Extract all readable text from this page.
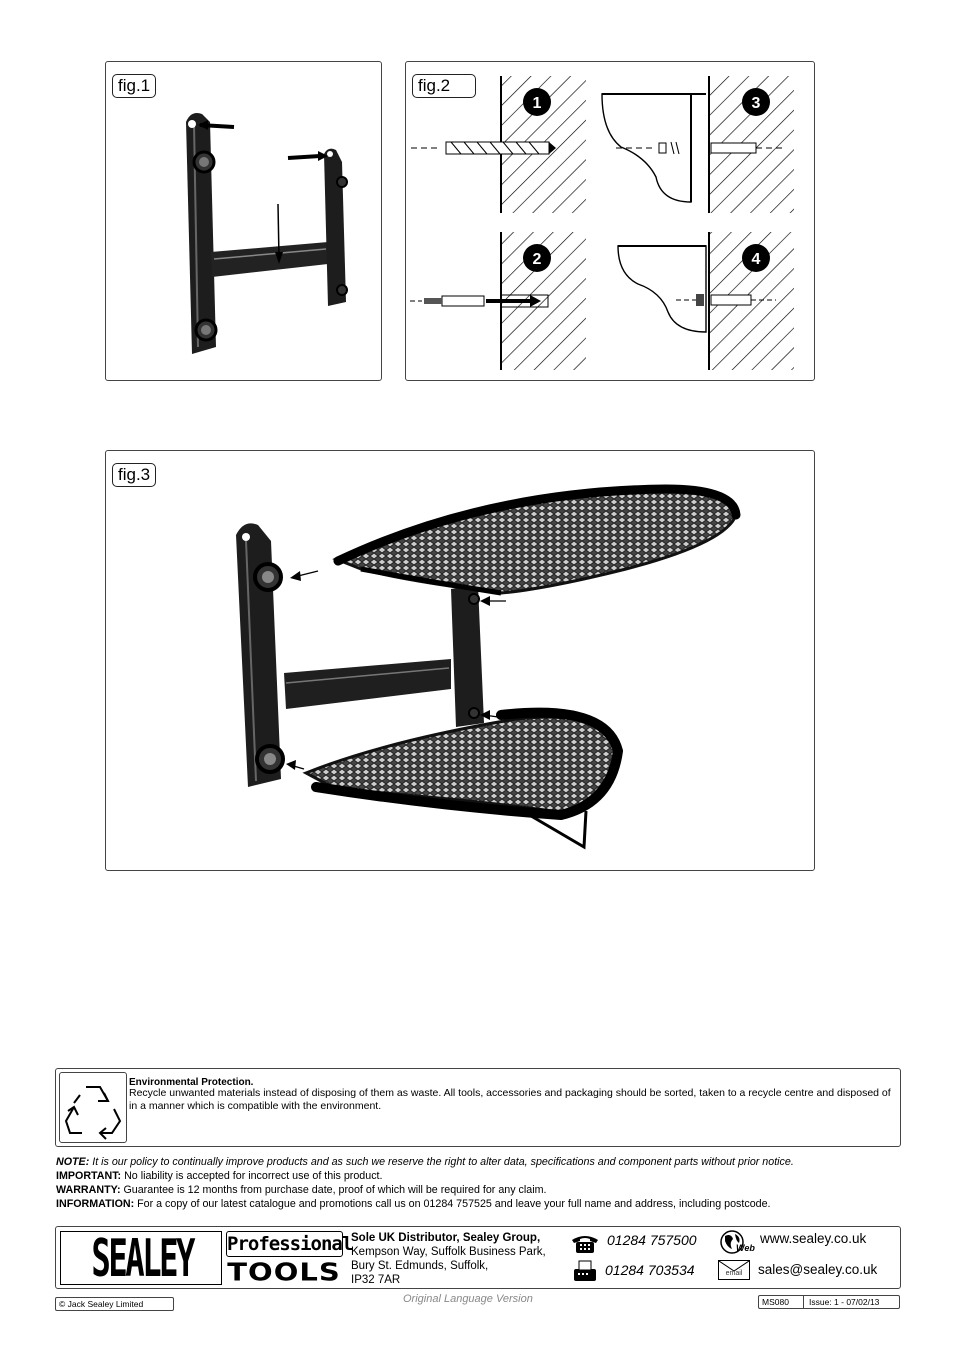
fig.1	fig.2
1
2
3
4
fig.3
Environmental Protection.
Recycle unwanted materials instead of disposing of them as waste. All tools, accessories and packaging should be sorted, taken to a recycle centre and disposed of in a manner which is compatible with the environment.
NOTE: It is our policy to continually improve products and as such we reserve the right to alter data, specifications and component parts without prior notice.
IMPORTANT: No liability is accepted for incorrect use of this product.
WARRANTY: Guarantee is 12 months from purchase date, proof of which will be required for any claim.
INFORMATION: For a copy of our latest catalogue and promotions call us on 01284 757525 and leave your full name and address, including postcode.
SEALEY Professional
TOOLS
Sole UK Distributor, Sealey Group,
Kempson Way, Suffolk Business Park,
Bury St. Edmunds, Suffolk,
IP32 7AR
01284 757500
01284 703534
Web
www.sealey.co.uk
email	sales@sealey.co.uk
© Jack Sealey Limited	Original Language Version	MS080 Issue: 1 - 07/02/13
